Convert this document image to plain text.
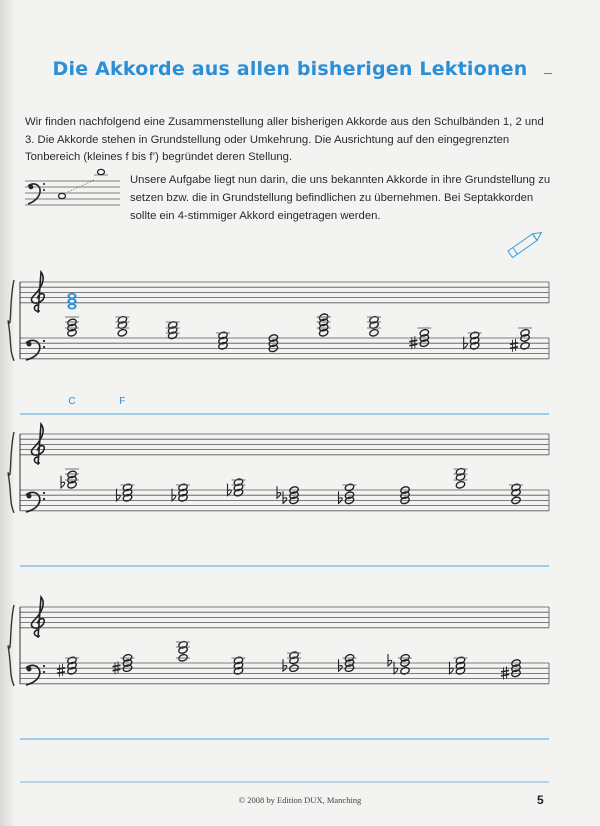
Die Akkorde aus allen bisherigen Lektionen

Wir finden nachfolgend eine Zusammenstellung aller bisherigen Akkorde aus den Schulbänden 1, 2 und 3. Die Akkorde stehen in Grundstellung oder Umkehrung. Die Ausrichtung auf den eingegrenzten Tonbereich (kleines f bis f’) begründet deren Stellung.

Unsere Aufgabe liegt nun darin, die uns bekannten Akkorde in ihre Grundstellung zu setzen bzw. die in Grundstellung befindlichen zu übernehmen. Bei Septakkorden sollte ein 4-stimmiger Akkord eingetragen werden.

C	F
© 2008 by Edition DUX, Manching	5
